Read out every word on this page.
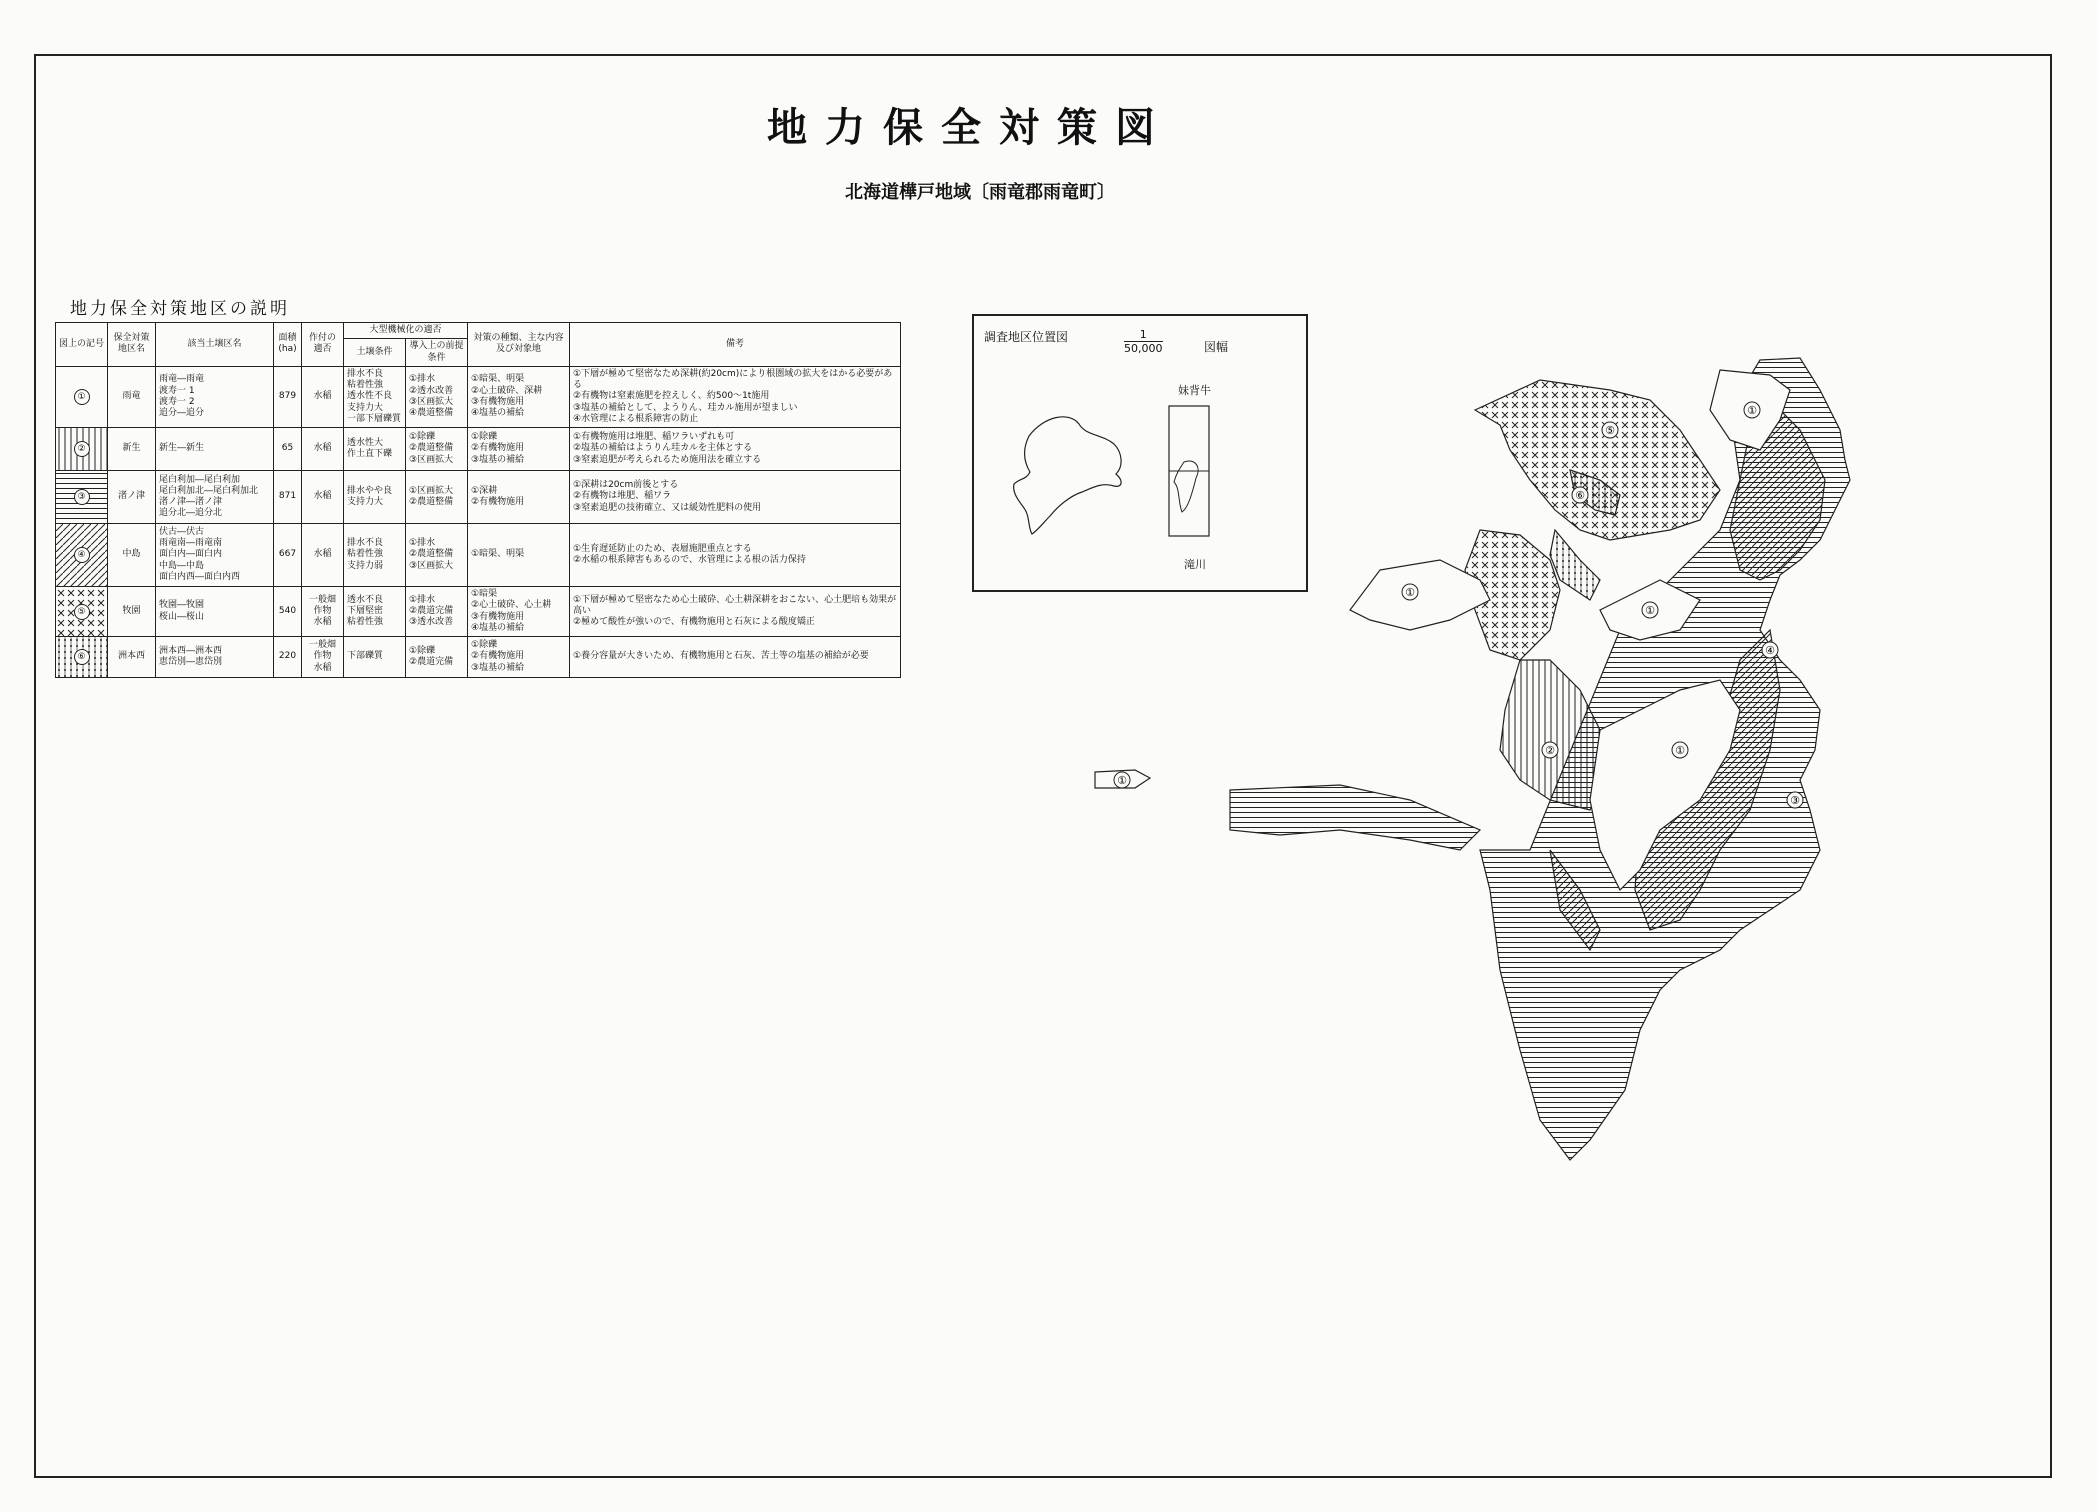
地力保全対策図
北海道樺戸地域〔雨竜郡雨竜町〕
地力保全対策地区の説明
図上の記号	保全対策地区名	該当土壌区名	面積(ha)	作付の適否	大型機械化の適否		対策の種類、主な内容及び対象地	備考
					土壌条件	導入上の前提条件		

①	雨竜	雨竜―雨竜
渡寿一 1
渡寿一 2
追分―追分	879	水稲	排水不良
粘着性強
透水性不良
支持力大
一部下層礫質	①排水
②透水改善
③区画拡大
④農道整備	①暗渠、明渠
②心土破砕、深耕
③有機物施用
④塩基の補給	①下層が極めて堅密なため深耕(約20cm)により根圏域の拡大をはかる必要がある
②有機物は窒素施肥を控えしく、約500～1t施用
③塩基の補給として、ようりん、珪カル施用が望ましい
④水管理による根系障害の防止

②	新生	新生―新生	65	水稲	透水性大
作土直下礫	①除礫
②農道整備
③区画拡大	①除礫
②有機物施用
③塩基の補給	①有機物施用は堆肥、稲ワラいずれも可
②塩基の補給はようりん珪カルを主体とする
③窒素追肥が考えられるため施用法を確立する

③	渚ノ津	尾白利加―尾白利加
尾白利加北―尾白利加北
渚ノ津―渚ノ津
追分北―追分北	871	水稲	排水やや良
支持力大	①区画拡大
②農道整備	①深耕
②有機物施用	①深耕は20cm前後とする
②有機物は堆肥、稲ワラ
③窒素追肥の技術確立、又は緩効性肥料の使用

④	中島	伏古―伏古
雨竜南―雨竜南
面白内―面白内
中島―中島
面白内西―面白内西	667	水稲	排水不良
粘着性強
支持力弱	①排水
②農道整備
③区画拡大	①暗渠、明渠	①生育遅延防止のため、表層施肥重点とする
②水稲の根系障害もあるので、水管理による根の活力保持

⑤	牧園	牧園―牧園
桜山―桜山	540	一般畑作物
水稲	透水不良
下層堅密
粘着性強	①排水
②農道完備
③透水改善	①暗渠
②心土破砕、心土耕
③有機物施用
④塩基の補給	①下層が極めて堅密なため心土破砕、心土耕深耕をおこない、心土肥培も効果が高い
②極めて酸性が強いので、有機物施用と石灰による酸度矯正

⑥	洲本西	洲本西―洲本西
恵岱別―恵岱別	220	一般畑作物
水稲	下部礫質	①除礫
②農道完備	①除礫
②有機物施用
③塩基の補給	①養分容量が大きいため、有機物施用と石灰、苦土等の塩基の補給が必要
調査地区位置図	$\frac{1}{50,000}$	図幅
妹背牛
滝川
③
④
②
⑤
⑥
①
①
①
①
①
